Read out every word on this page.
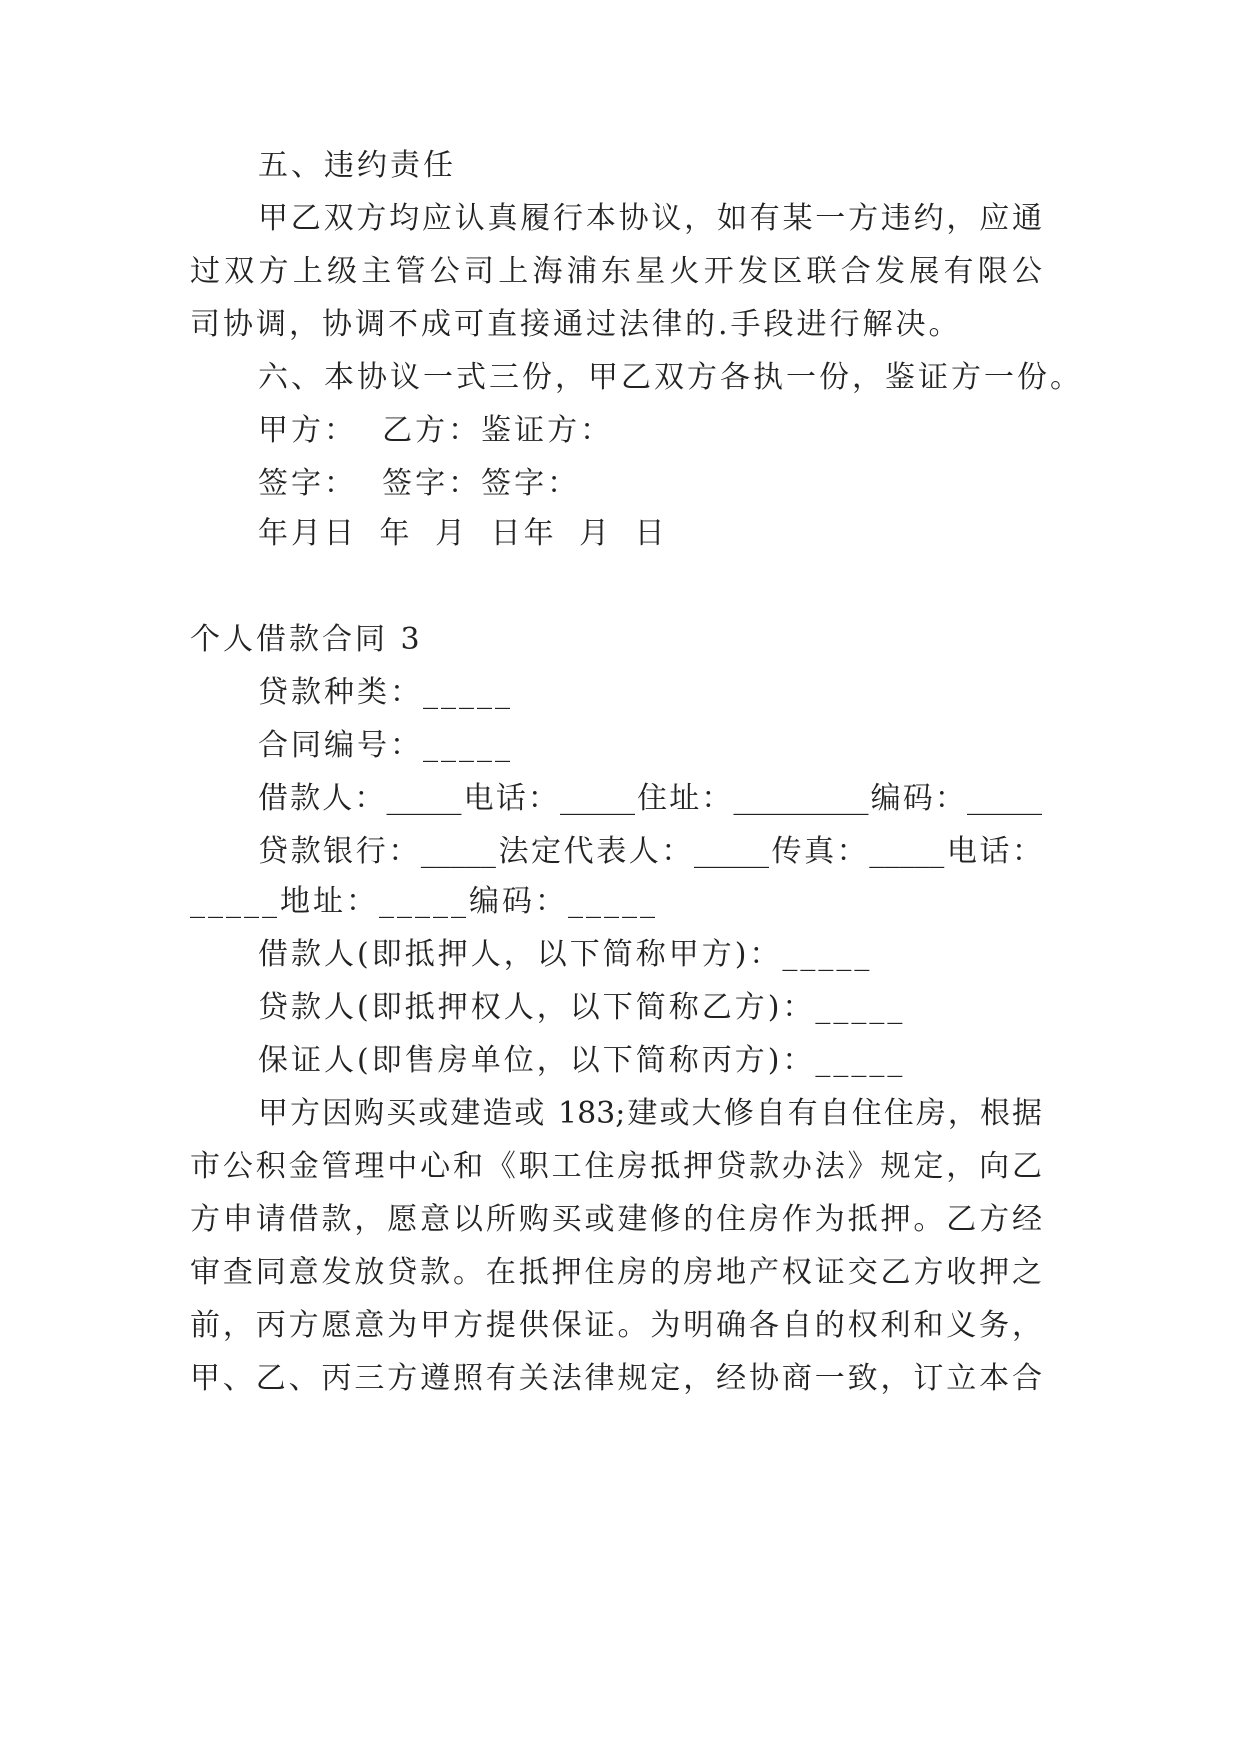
五、违约责任
甲乙双方均应认真履行本协议，如有某一方违约，应通
过双方上级主管公司上海浦东星火开发区联合发展有限公
司协调，协调不成可直接通过法律的.手段进行解决。
六、本协议一式三份，甲乙双方各执一份，鉴证方一份。
甲方：  乙方：鉴证方：
签字：  签字：签字：
年月日 年 月 日年 月 日
个人借款合同 3
贷款种类：_____
合同编号：_____
借款人：_____电话：_____住址：_________编码：_____
贷款银行：_____法定代表人：_____传真：_____电话：
_____地址：_____编码：_____
借款人(即抵押人，以下简称甲方)：_____
贷款人(即抵押权人，以下简称乙方)：_____
保证人(即售房单位，以下简称丙方)：_____
甲方因购买或建造或 183;建或大修自有自住住房，根据
市公积金管理中心和《职工住房抵押贷款办法》规定，向乙
方申请借款，愿意以所购买或建修的住房作为抵押。乙方经
审查同意发放贷款。在抵押住房的房地产权证交乙方收押之
前，丙方愿意为甲方提供保证。为明确各自的权利和义务，
甲、乙、丙三方遵照有关法律规定，经协商一致，订立本合
